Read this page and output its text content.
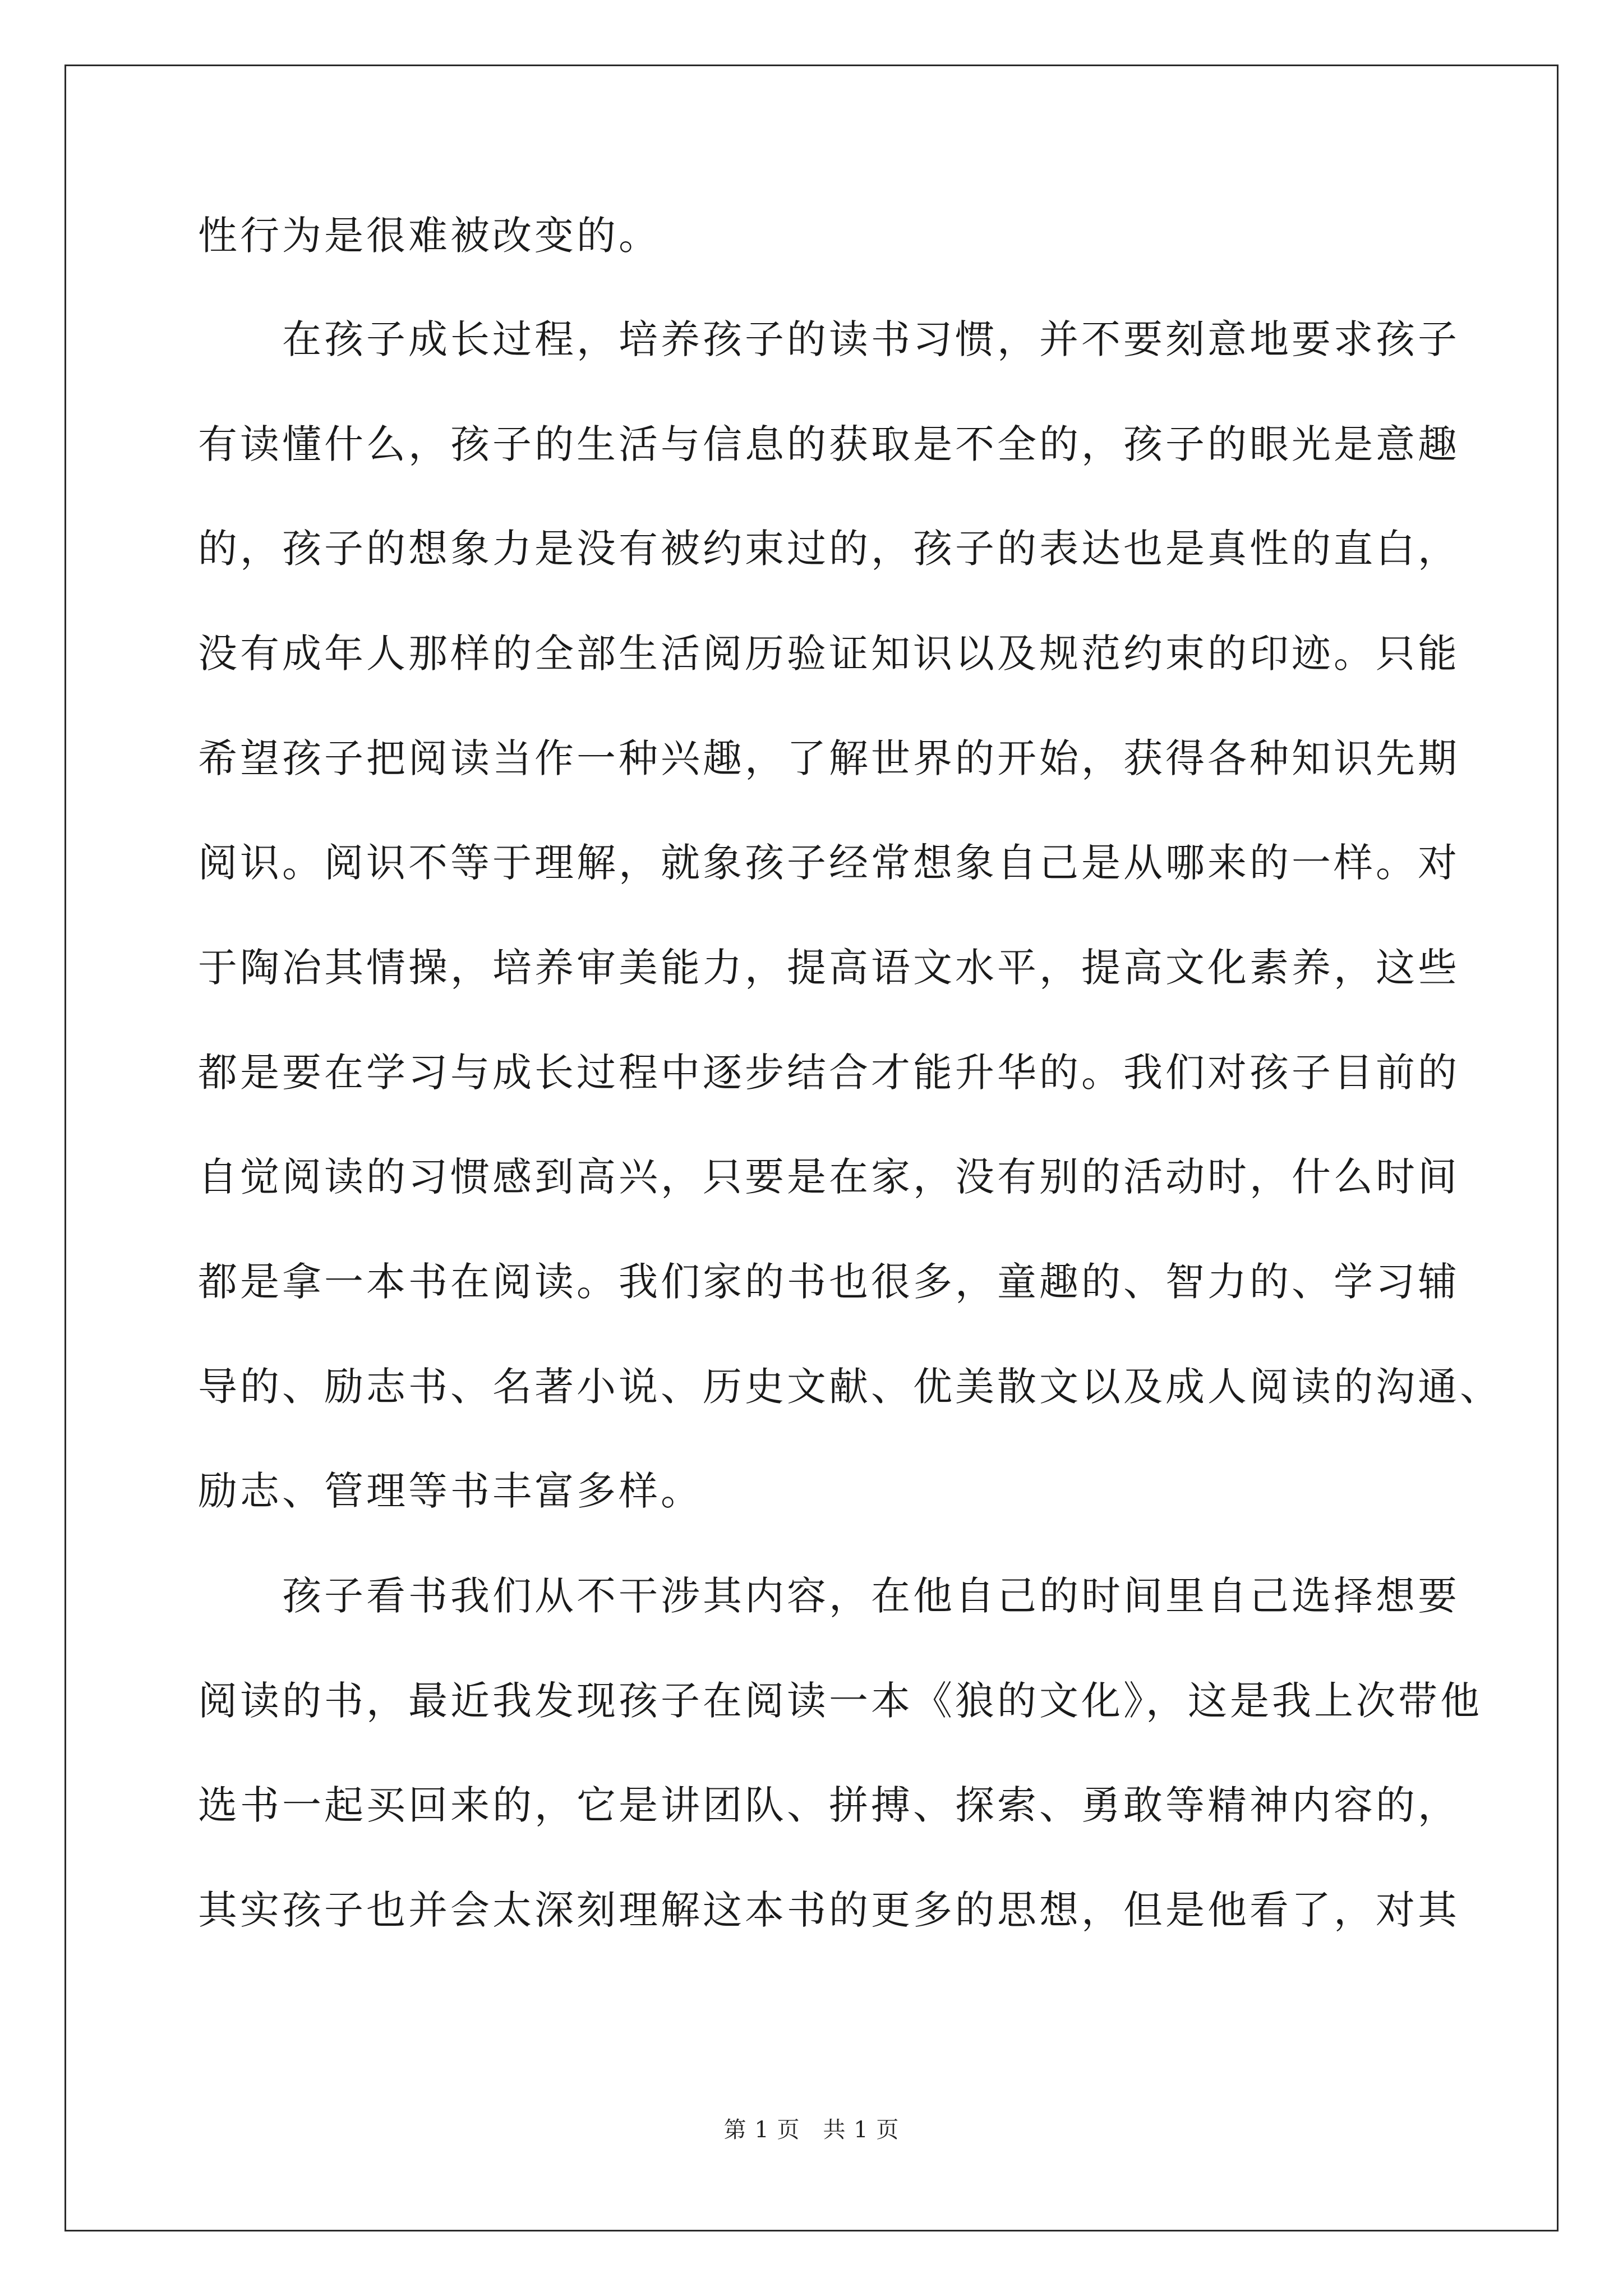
性行为是很难被改变的。
　　在孩子成长过程，培养孩子的读书习惯，并不要刻意地要求孩子
有读懂什么，孩子的生活与信息的获取是不全的，孩子的眼光是意趣
的，孩子的想象力是没有被约束过的，孩子的表达也是真性的直白，
没有成年人那样的全部生活阅历验证知识以及规范约束的印迹。只能
希望孩子把阅读当作一种兴趣，了解世界的开始，获得各种知识先期
阅识。阅识不等于理解，就象孩子经常想象自己是从哪来的一样。对
于陶冶其情操，培养审美能力，提高语文水平，提高文化素养，这些
都是要在学习与成长过程中逐步结合才能升华的。我们对孩子目前的
自觉阅读的习惯感到高兴，只要是在家，没有别的活动时，什么时间
都是拿一本书在阅读。我们家的书也很多，童趣的、智力的、学习辅
导的、励志书、名著小说、历史文献、优美散文以及成人阅读的沟通、
励志、管理等书丰富多样。
　　孩子看书我们从不干涉其内容，在他自己的时间里自己选择想要
阅读的书，最近我发现孩子在阅读一本《狼的文化》，这是我上次带他
选书一起买回来的，它是讲团队、拼搏、探索、勇敢等精神内容的，
其实孩子也并会太深刻理解这本书的更多的思想，但是他看了，对其
第 1 页　共 1 页
